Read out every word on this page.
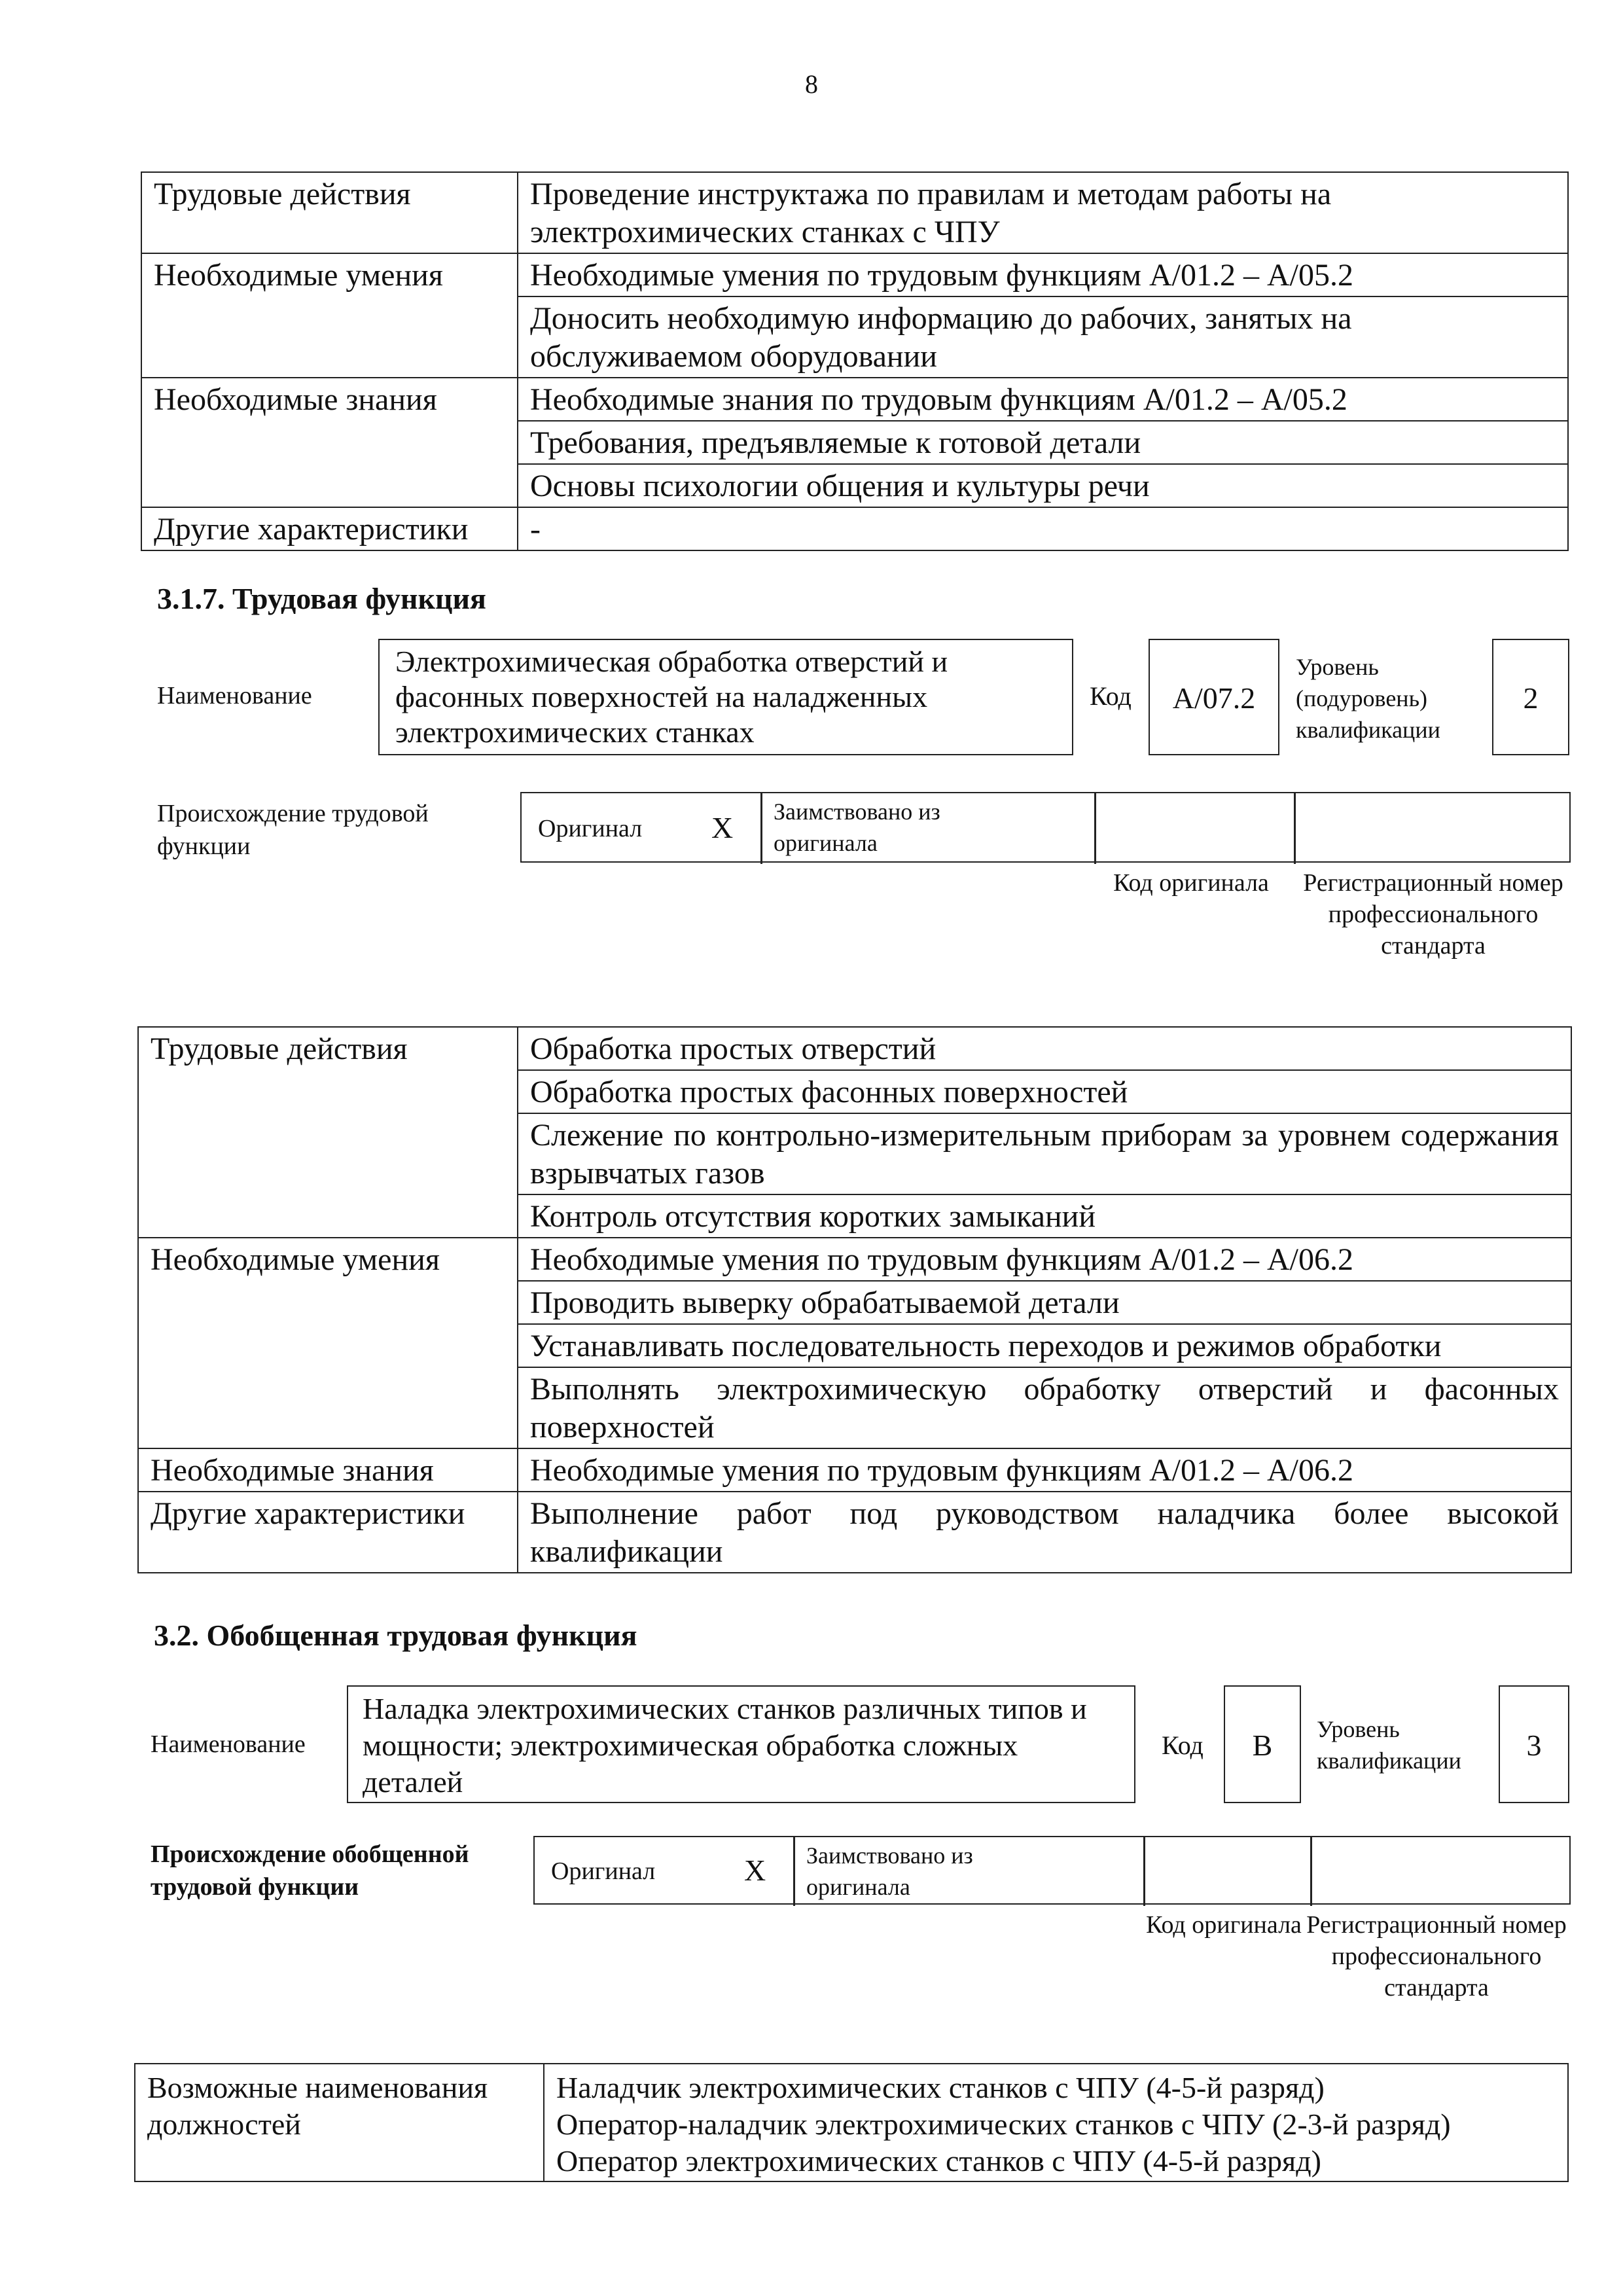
8
Трудовые действия	Проведение инструктажа по правилам и методам работы на электрохимических станках с ЧПУ
Необходимые умения	Необходимые умения по трудовым функциям А/01.2 – А/05.2
	Доносить необходимую информацию до рабочих, занятых на обслуживаемом оборудовании
Необходимые знания	Необходимые знания по трудовым функциям А/01.2 – А/05.2
	Требования, предъявляемые к готовой детали
	Основы психологии общения и культуры речи
Другие характеристики	-
3.1.7. Трудовая функция
Наименование
Электрохимическая обработка отверстий и фасонных поверхностей на наладженных электрохимических станках
Код	А/07.2
Уровень (подуровень) квалификации
2
Происхождение трудовой функции
Оригинал X Заимствовано из оригинала
Код оригинала Регистрационный номер профессионального стандарта
Трудовые действия	Обработка простых отверстий
	Обработка простых фасонных поверхностей
	Слежение по контрольно-измерительным приборам за уровнем содержания взрывчатых газов
	Контроль отсутствия коротких замыканий
Необходимые умения	Необходимые умения по трудовым функциям А/01.2 – А/06.2
	Проводить выверку обрабатываемой детали
	Устанавливать последовательность переходов и режимов обработки
	Выполнять электрохимическую обработку отверстий и фасонных поверхностей
Необходимые знания	Необходимые умения по трудовым функциям А/01.2 – А/06.2
Другие характеристики	Выполнение работ под руководством наладчика более высокой квалификации
3.2. Обобщенная трудовая функция
Наименование
Наладка электрохимических станков различных типов и мощности; электрохимическая обработка сложных деталей
Код	B	Уровень квалификации	3
Происхождение обобщенной трудовой функции
Оригинал	X Заимствовано из оригинала
Код оригинала Регистрационный номер профессионального стандарта
Возможные наименования должностей	
Наладчик электрохимических станков с ЧПУ (4-5-й разряд)
Оператор-наладчик электрохимических станков с ЧПУ (2-3-й разряд)
Оператор электрохимических станков с ЧПУ (4-5-й разряд)
